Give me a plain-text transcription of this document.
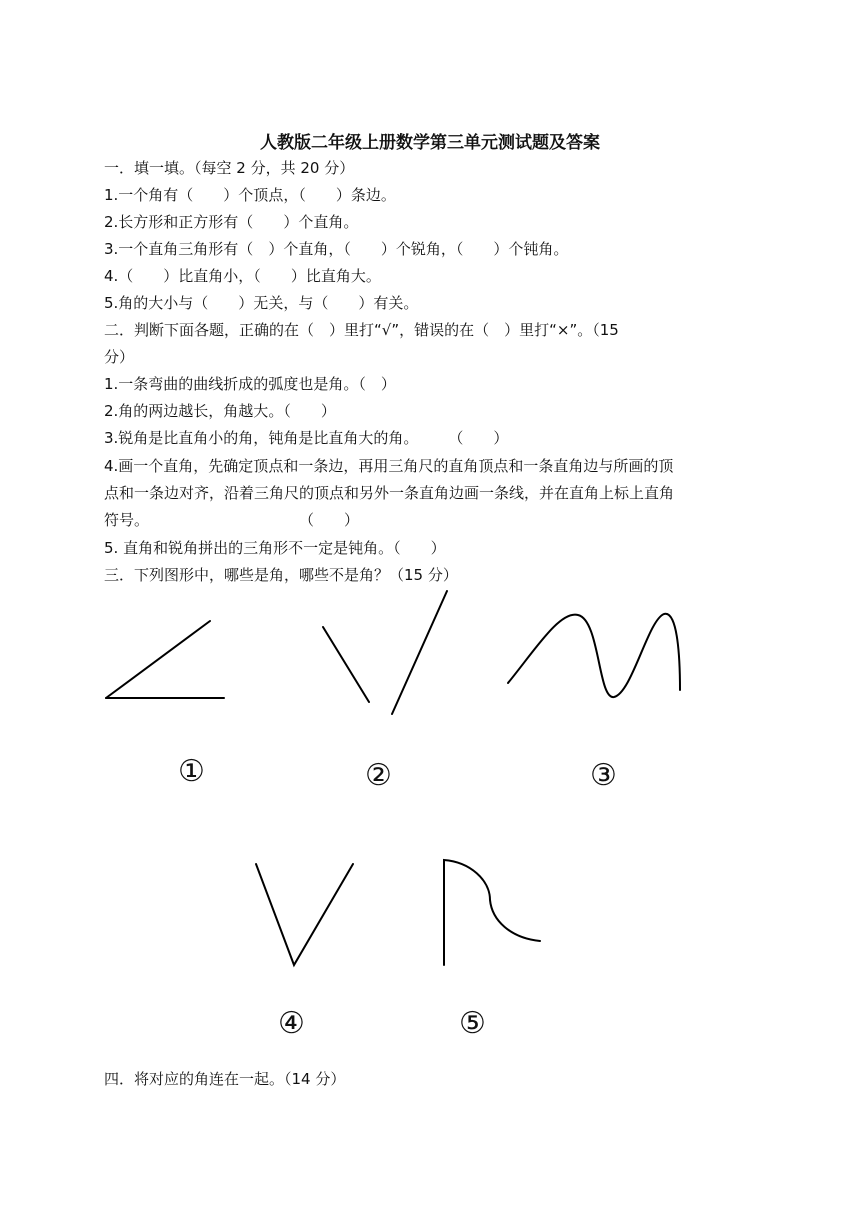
人教版二年级上册数学第三单元测试题及答案
一．填一填。（每空 2 分，共 20 分）
1.一个角有（　　）个顶点，（　　）条边。
2.长方形和正方形有（　　）个直角。
3.一个直角三角形有（　）个直角，（　　）个锐角，（　　）个钝角。
4.（　　）比直角小，（　　）比直角大。
5.角的大小与（　　）无关，与（　　）有关。
二．判断下面各题，正确的在（　）里打“√”，错误的在（　）里打“×”。（15
分）
1.一条弯曲的曲线折成的弧度也是角。（　）
2.角的两边越长，角越大。（　　）
3.锐角是比直角小的角，钝角是比直角大的角。　　　（　　）
4.画一个直角，先确定顶点和一条边，再用三角尺的直角顶点和一条直角边与所画的顶
点和一条边对齐，沿着三角尺的顶点和另外一条直角边画一条线，并在直角上标上直角
符号。　　　　　　　　　　　（　　）
5. 直角和锐角拼出的三角形不一定是钝角。（　　）
三．下列图形中，哪些是角，哪些不是角？（15 分）
①	②	③
④	⑤
四．将对应的角连在一起。（14 分）
